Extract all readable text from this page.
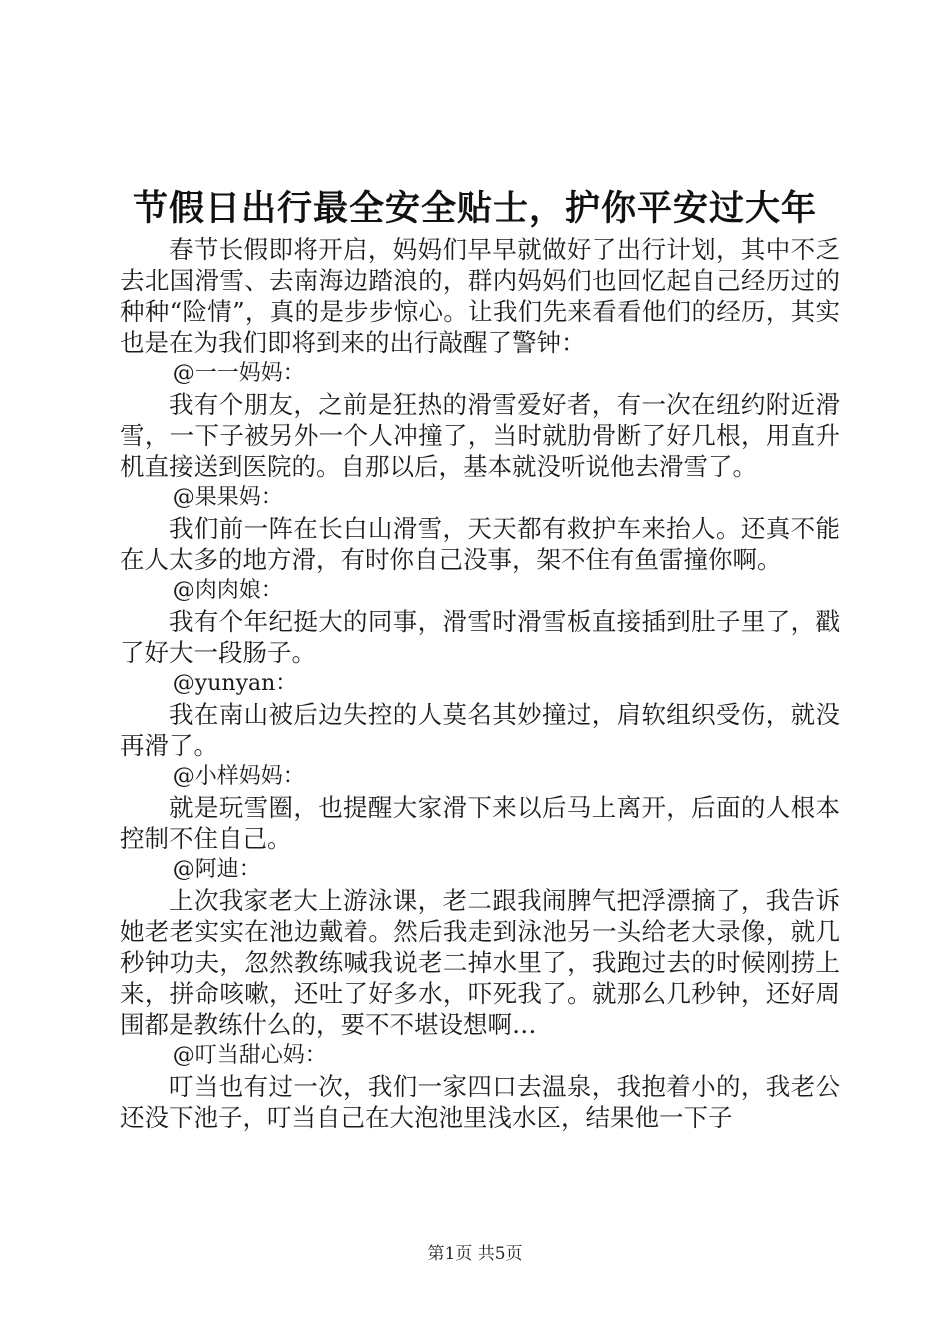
节假日出行最全安全贴士，护你平安过大年

春节长假即将开启，妈妈们早早就做好了出行计划，其中不乏去北国滑雪、去南海边踏浪的，群内妈妈们也回忆起自己经历过的种种“险情”，真的是步步惊心。让我们先来看看他们的经历，其实也是在为我们即将到来的出行敲醒了警钟：

@一一妈妈：

我有个朋友，之前是狂热的滑雪爱好者，有一次在纽约附近滑雪，一下子被另外一个人冲撞了，当时就肋骨断了好几根，用直升机直接送到医院的。自那以后，基本就没听说他去滑雪了。

@果果妈：

我们前一阵在长白山滑雪，天天都有救护车来抬人。还真不能在人太多的地方滑，有时你自己没事，架不住有鱼雷撞你啊。

@肉肉娘：

我有个年纪挺大的同事，滑雪时滑雪板直接插到肚子里了，戳了好大一段肠子。

@yunyan：

我在南山被后边失控的人莫名其妙撞过，肩软组织受伤，就没再滑了。

@小样妈妈：

就是玩雪圈，也提醒大家滑下来以后马上离开，后面的人根本控制不住自己。

@阿迪：

上次我家老大上游泳课，老二跟我闹脾气把浮漂摘了，我告诉她老老实实在池边戴着。然后我走到泳池另一头给老大录像，就几秒钟功夫，忽然教练喊我说老二掉水里了，我跑过去的时候刚捞上来，拼命咳嗽，还吐了好多水，吓死我了。就那么几秒钟，还好周围都是教练什么的，要不不堪设想啊…

@叮当甜心妈：

叮当也有过一次，我们一家四口去温泉，我抱着小的，我老公还没下池子，叮当自己在大泡池里浅水区，结果他一下子

第1页 共5页
